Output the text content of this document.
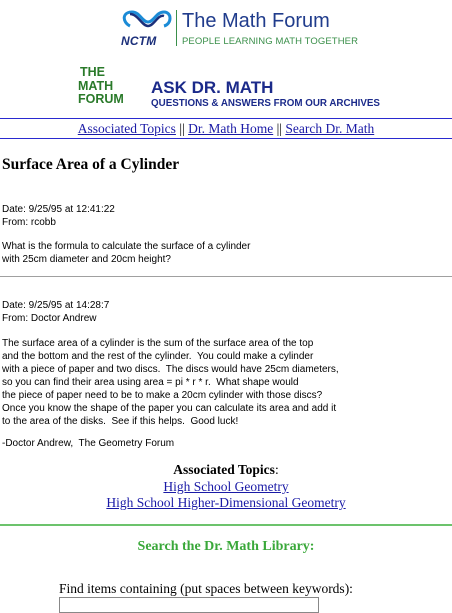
NCTM
The Math Forum
PEOPLE LEARNING MATH TOGETHER
THE
MATH
FORUM
ASK DR. MATH
QUESTIONS & ANSWERS FROM OUR ARCHIVES
Associated Topics || Dr. Math Home || Search Dr. Math
Surface Area of a Cylinder
Date: 9/25/95 at 12:41:22
From: rcobb
What is the formula to calculate the surface of a cylinder
with 25cm diameter and 20cm height?
Date: 9/25/95 at 14:28:7
From: Doctor Andrew
The surface area of a cylinder is the sum of the surface area of the top
and the bottom and the rest of the cylinder.  You could make a cylinder
with a piece of paper and two discs.  The discs would have 25cm diameters,
so you can find their area using area = pi * r * r.  What shape would
the piece of paper need to be to make a 20cm cylinder with those discs?
Once you know the shape of the paper you can calculate its area and add it
to the area of the disks.  See if this helps.  Good luck!
-Doctor Andrew,  The Geometry Forum
Associated Topics:
High School Geometry
High School Higher-Dimensional Geometry
Search the Dr. Math Library:
Find items containing (put spaces between keywords):
